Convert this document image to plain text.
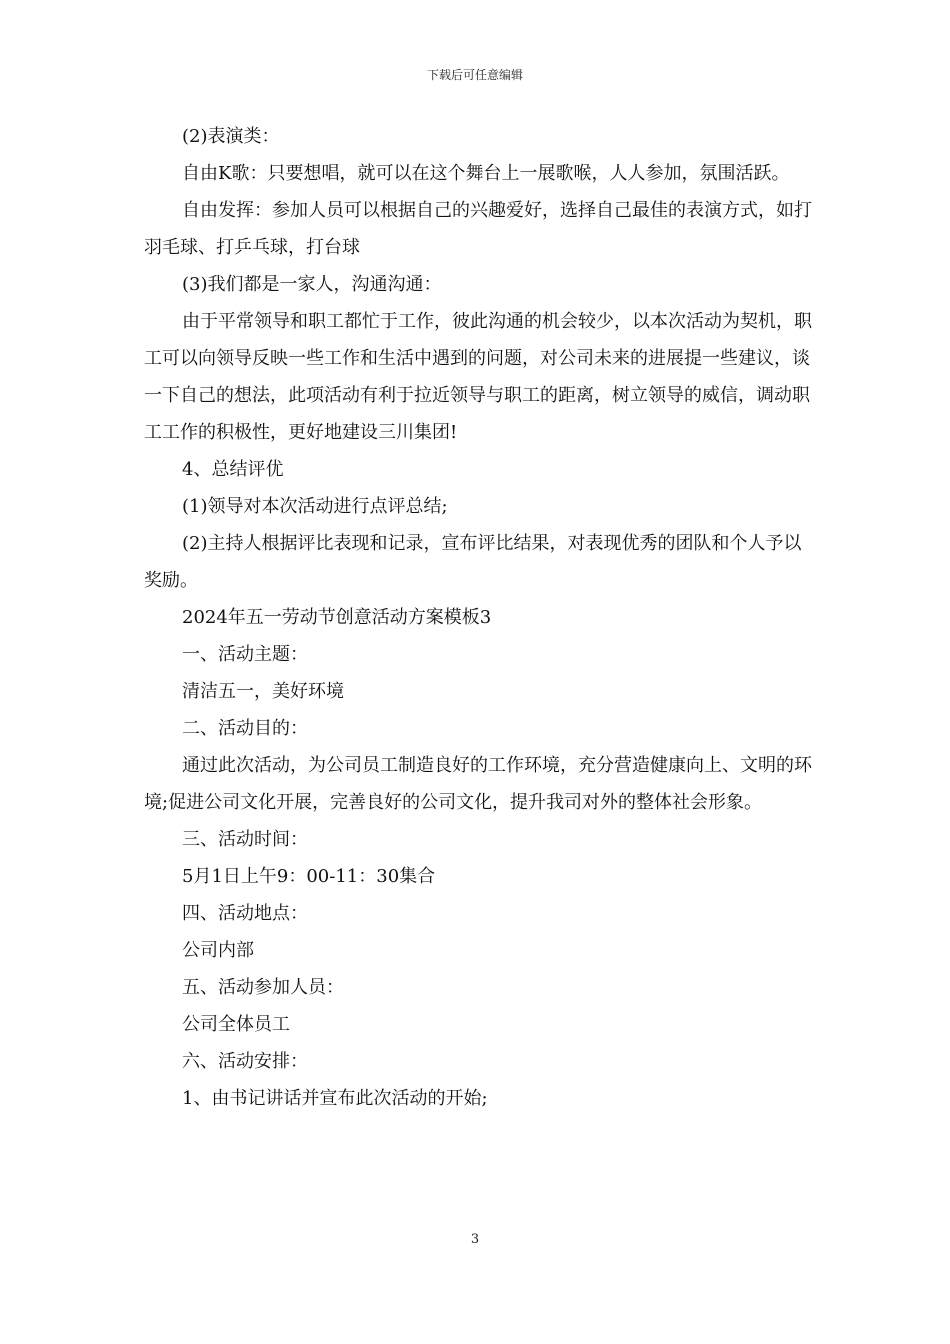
下载后可任意编辑

(2)表演类：

自由K歌：只要想唱，就可以在这个舞台上一展歌喉，人人参加，氛围活跃。

自由发挥：参加人员可以根据自己的兴趣爱好，选择自己最佳的表演方式，如打羽毛球、打乒乓球，打台球

(3)我们都是一家人，沟通沟通：

由于平常领导和职工都忙于工作，彼此沟通的机会较少，以本次活动为契机，职工可以向领导反映一些工作和生活中遇到的问题，对公司未来的进展提一些建议，谈一下自己的想法，此项活动有利于拉近领导与职工的距离，树立领导的威信，调动职工工作的积极性，更好地建设三川集团!

4、总结评优

(1)领导对本次活动进行点评总结;

(2)主持人根据评比表现和记录，宣布评比结果，对表现优秀的团队和个人予以奖励。

2024年五一劳动节创意活动方案模板3

一、活动主题：

清洁五一，美好环境

二、活动目的：

通过此次活动，为公司员工制造良好的工作环境，充分营造健康向上、文明的环境;促进公司文化开展，完善良好的公司文化，提升我司对外的整体社会形象。

三、活动时间：

5月1日上午9：00-11：30集合

四、活动地点：

公司内部

五、活动参加人员：

公司全体员工

六、活动安排：

1、由书记讲话并宣布此次活动的开始;

3
